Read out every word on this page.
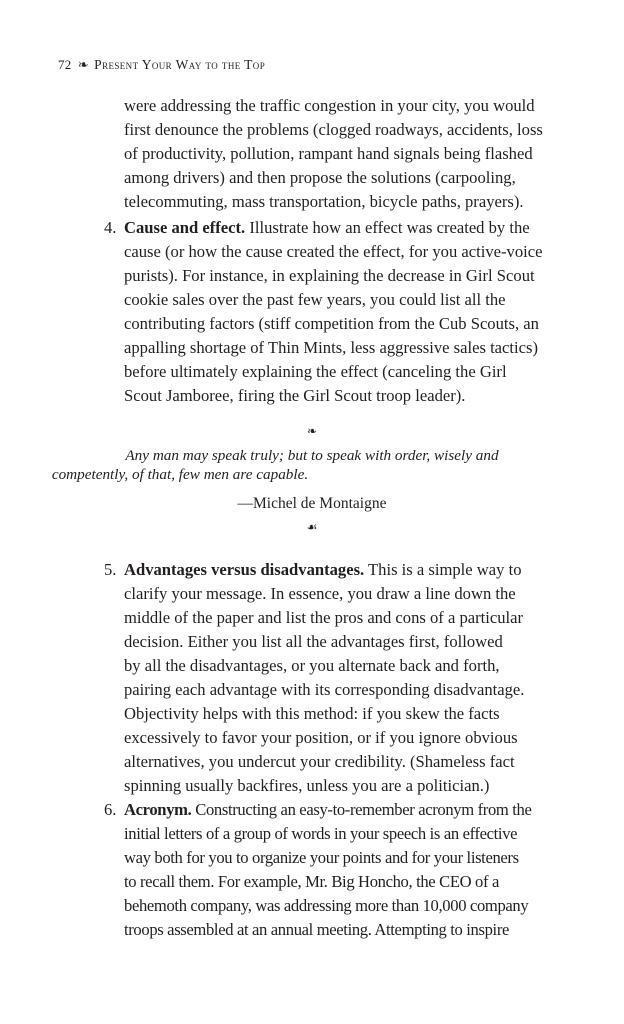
72 ❧ Present Your Way to the Top
were addressing the traffic congestion in your city, you would
first denounce the problems (clogged roadways, accidents, loss
of productivity, pollution, rampant hand signals being flashed
among drivers) and then propose the solutions (carpooling,
telecommuting, mass transportation, bicycle paths, prayers).
4. Cause and effect. Illustrate how an effect was created by the
cause (or how the cause created the effect, for you active-voice
purists). For instance, in explaining the decrease in Girl Scout
cookie sales over the past few years, you could list all the
contributing factors (stiff competition from the Cub Scouts, an
appalling shortage of Thin Mints, less aggressive sales tactics)
before ultimately explaining the effect (canceling the Girl
Scout Jamboree, firing the Girl Scout troop leader).
❧
Any man may speak truly; but to speak with order, wisely and
competently, of that, few men are capable.
—Michel de Montaigne
☙
5. Advantages versus disadvantages. This is a simple way to
clarify your message. In essence, you draw a line down the
middle of the paper and list the pros and cons of a particular
decision. Either you list all the advantages first, followed
by all the disadvantages, or you alternate back and forth,
pairing each advantage with its corresponding disadvantage.
Objectivity helps with this method: if you skew the facts
excessively to favor your position, or if you ignore obvious
alternatives, you undercut your credibility. (Shameless fact
spinning usually backfires, unless you are a politician.)
6. Acronym. Constructing an easy-to-remember acronym from the
initial letters of a group of words in your speech is an effective
way both for you to organize your points and for your listeners
to recall them. For example, Mr. Big Honcho, the CEO of a
behemoth company, was addressing more than 10,000 company
troops assembled at an annual meeting. Attempting to inspire
